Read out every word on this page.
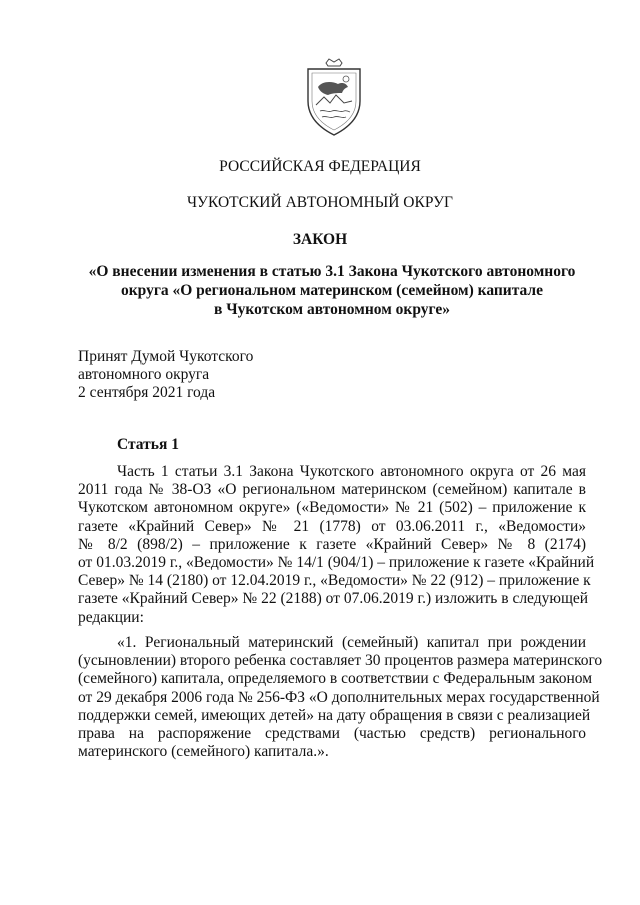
РОССИЙСКАЯ ФЕДЕРАЦИЯ
ЧУКОТСКИЙ АВТОНОМНЫЙ ОКРУГ
ЗАКОН
«О внесении изменения в статью 3.1 Закона Чукотского автономного
округа «О региональном материнском (семейном) капитале
в Чукотском автономном округе»
Принят Думой Чукотского
автономного округа
2 сентября 2021 года
Статья 1
Часть 1 статьи 3.1 Закона Чукотского автономного округа от 26 мая
2011 года № 38-ОЗ «О региональном материнском (семейном) капитале в
Чукотском автономном округе» («Ведомости» № 21 (502) – приложение к
газете «Крайний Север» № 21 (1778) от 03.06.2011 г., «Ведомости»
№ 8/2 (898/2) – приложение к газете «Крайний Север» № 8 (2174)
от 01.03.2019 г., «Ведомости» № 14/1 (904/1) – приложение к газете «Крайний
Север» № 14 (2180) от 12.04.2019 г., «Ведомости» № 22 (912) – приложение к
газете «Крайний Север» № 22 (2188) от 07.06.2019 г.) изложить в следующей
редакции:
«1. Региональный материнский (семейный) капитал при рождении
(усыновлении) второго ребенка составляет 30 процентов размера материнского
(семейного) капитала, определяемого в соответствии с Федеральным законом
от 29 декабря 2006 года № 256-ФЗ «О дополнительных мерах государственной
поддержки семей, имеющих детей» на дату обращения в связи с реализацией
права на распоряжение средствами (частью средств) регионального
материнского (семейного) капитала.».
